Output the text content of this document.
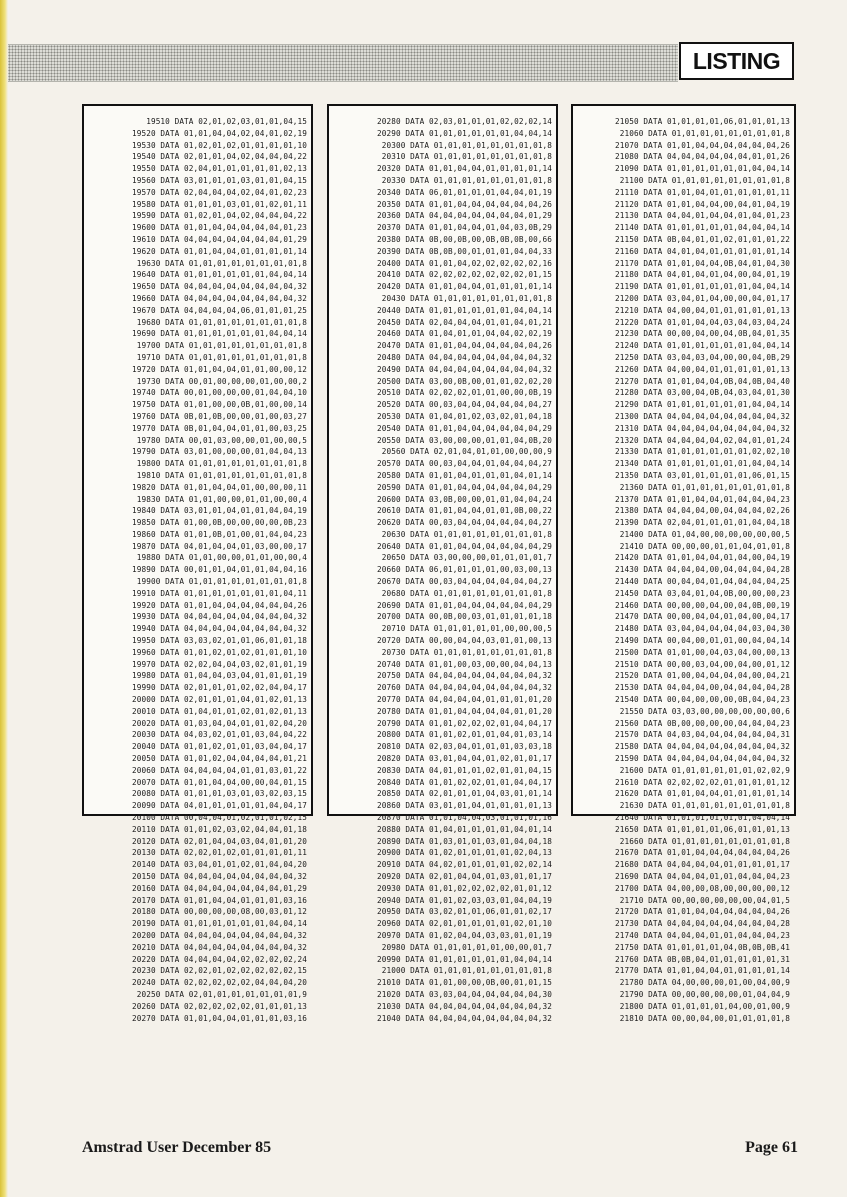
LISTING
19510 DATA 02,01,02,03,01,01,04,15
19520 DATA 01,01,04,04,02,04,01,02,19
19530 DATA 01,02,01,02,01,01,01,01,10
19540 DATA 02,01,01,04,02,04,04,04,22
19550 DATA 02,04,01,01,01,01,01,02,13
19560 DATA 03,01,01,01,03,01,01,04,15
19570 DATA 02,04,04,04,02,04,01,02,23
19580 DATA 01,01,01,03,01,01,02,01,11
19590 DATA 01,02,01,04,02,04,04,04,22
19600 DATA 01,01,04,04,04,04,04,01,23
19610 DATA 04,04,04,04,04,04,04,01,29
19620 DATA 01,01,04,04,01,01,01,01,14
19630 DATA 01,01,01,01,01,01,01,01,8
19640 DATA 01,01,01,01,01,01,04,04,14
19650 DATA 04,04,04,04,04,04,04,04,32
19660 DATA 04,04,04,04,04,04,04,04,32
19670 DATA 04,04,04,04,06,01,01,01,25
19680 DATA 01,01,01,01,01,01,01,01,8
19690 DATA 01,01,01,01,01,01,04,04,14
19700 DATA 01,01,01,01,01,01,01,01,8
19710 DATA 01,01,01,01,01,01,01,01,8
19720 DATA 01,01,04,04,01,01,00,00,12
19730 DATA 00,01,00,00,00,01,00,00,2
19740 DATA 00,01,00,00,00,01,04,04,10
19750 DATA 01,01,00,00,0B,01,00,00,14
19760 DATA 0B,01,0B,00,00,01,00,03,27
19770 DATA 0B,01,04,04,01,01,00,03,25
19780 DATA 00,01,03,00,00,01,00,00,5
19790 DATA 03,01,00,00,00,01,04,04,13
19800 DATA 01,01,01,01,01,01,01,01,8
19810 DATA 01,01,01,01,01,01,01,01,8
19820 DATA 01,01,04,04,01,00,00,00,11
19830 DATA 01,01,00,00,01,01,00,00,4
19840 DATA 03,01,01,04,01,01,04,04,19
19850 DATA 01,00,0B,00,00,00,00,0B,23
19860 DATA 01,01,0B,01,00,01,04,04,23
19870 DATA 04,01,04,04,01,03,00,00,17
19880 DATA 01,01,00,00,01,01,00,00,4
19890 DATA 00,01,01,04,01,01,04,04,16
19900 DATA 01,01,01,01,01,01,01,01,8
19910 DATA 01,01,01,01,01,01,01,04,11
19920 DATA 01,01,04,04,04,04,04,04,26
19930 DATA 04,04,04,04,04,04,04,04,32
19940 DATA 04,04,04,04,04,04,04,04,32
19950 DATA 03,03,02,01,01,06,01,01,18
19960 DATA 01,01,02,01,02,01,01,01,10
19970 DATA 02,02,04,04,03,02,01,01,19
19980 DATA 01,04,04,03,04,01,01,01,19
19990 DATA 02,01,01,01,02,02,04,04,17
20000 DATA 02,01,01,01,04,01,02,01,13
20010 DATA 01,04,01,01,02,01,02,01,13
20020 DATA 01,03,04,04,01,01,02,04,20
20030 DATA 04,03,02,01,01,03,04,04,22
20040 DATA 01,01,02,01,01,03,04,04,17
20050 DATA 01,01,02,04,04,04,04,01,21
20060 DATA 04,04,04,04,01,01,03,01,22
20070 DATA 01,01,04,04,00,00,04,01,15
20080 DATA 01,01,01,03,01,03,02,03,15
20090 DATA 04,01,01,01,01,01,04,04,17
20100 DATA 00,04,04,01,02,01,01,02,15
20110 DATA 01,01,02,03,02,04,04,01,18
20120 DATA 02,01,04,04,03,04,01,01,20
20130 DATA 02,02,01,02,01,01,01,01,11
20140 DATA 03,04,01,01,02,01,04,04,20
20150 DATA 04,04,04,04,04,04,04,04,32
20160 DATA 04,04,04,04,04,04,04,01,29
20170 DATA 01,01,04,04,01,01,01,03,16
20180 DATA 00,00,00,00,08,00,03,01,12
20190 DATA 01,01,01,01,01,01,04,04,14
20200 DATA 04,04,04,04,04,04,04,04,32
20210 DATA 04,04,04,04,04,04,04,04,32
20220 DATA 04,04,04,04,02,02,02,02,24
20230 DATA 02,02,01,02,02,02,02,02,15
20240 DATA 02,02,02,02,02,04,04,04,20
20250 DATA 02,01,01,01,01,01,01,01,9
20260 DATA 02,02,02,02,02,01,01,01,13
20270 DATA 01,01,04,04,01,01,01,03,16
20280 DATA 02,03,01,01,01,02,02,02,14
20290 DATA 01,01,01,01,01,01,04,04,14
20300 DATA 01,01,01,01,01,01,01,01,8
20310 DATA 01,01,01,01,01,01,01,01,8
20320 DATA 01,01,04,04,01,01,01,01,14
20330 DATA 01,01,01,01,01,01,01,01,8
20340 DATA 06,01,01,01,01,04,04,01,19
20350 DATA 01,01,04,04,04,04,04,04,26
20360 DATA 04,04,04,04,04,04,04,01,29
20370 DATA 01,01,04,04,01,04,03,0B,29
20380 DATA 0B,00,0B,00,0B,0B,0B,00,66
20390 DATA 0B,0B,00,01,01,01,04,04,33
20400 DATA 01,01,04,02,02,02,02,02,16
20410 DATA 02,02,02,02,02,02,02,01,15
20420 DATA 01,01,04,04,01,01,01,01,14
20430 DATA 01,01,01,01,01,01,01,01,8
20440 DATA 01,01,01,01,01,01,04,04,14
20450 DATA 02,04,04,04,01,01,04,01,21
20460 DATA 01,04,01,01,04,04,02,02,19
20470 DATA 01,01,04,04,04,04,04,04,26
20480 DATA 04,04,04,04,04,04,04,04,32
20490 DATA 04,04,04,04,04,04,04,04,32
20500 DATA 03,00,0B,00,01,01,02,02,20
20510 DATA 02,02,02,01,01,00,00,0B,19
20520 DATA 00,03,04,04,04,04,04,04,27
20530 DATA 01,04,01,02,03,02,01,04,18
20540 DATA 01,01,04,04,04,04,04,04,29
20550 DATA 03,00,00,00,01,01,04,0B,20
20560 DATA 02,01,04,01,01,00,00,00,9
20570 DATA 00,03,04,04,01,04,04,04,27
20580 DATA 01,01,04,01,01,01,04,01,14
20590 DATA 01,01,04,04,04,04,04,04,29
20600 DATA 03,0B,00,00,01,01,04,04,24
20610 DATA 01,01,04,04,01,01,0B,00,22
20620 DATA 00,03,04,04,04,04,04,04,27
20630 DATA 01,01,01,01,01,01,01,01,8
20640 DATA 01,01,04,04,04,04,04,04,29
20650 DATA 03,00,00,00,01,01,01,01,7
20660 DATA 06,01,01,01,01,00,03,00,13
20670 DATA 00,03,04,04,04,04,04,04,27
20680 DATA 01,01,01,01,01,01,01,01,8
20690 DATA 01,01,04,04,04,04,04,04,29
20700 DATA 00,0B,00,03,01,01,01,01,18
20710 DATA 01,01,01,01,01,00,00,00,5
20720 DATA 00,00,04,04,03,01,01,00,13
20730 DATA 01,01,01,01,01,01,01,01,8
20740 DATA 01,01,00,03,00,00,04,04,13
20750 DATA 04,04,04,04,04,04,04,04,32
20760 DATA 04,04,04,04,04,04,04,04,32
20770 DATA 04,04,04,04,01,01,01,01,20
20780 DATA 01,01,04,04,04,04,01,01,20
20790 DATA 01,01,02,02,02,01,04,04,17
20800 DATA 01,01,02,01,01,04,01,03,14
20810 DATA 02,03,04,01,01,01,03,03,18
20820 DATA 03,01,04,04,01,02,01,01,17
20830 DATA 04,01,01,01,02,01,01,04,15
20840 DATA 01,01,02,02,01,01,04,04,17
20850 DATA 02,01,01,01,04,03,01,01,14
20860 DATA 03,01,01,04,01,01,01,01,13
20870 DATA 01,01,04,04,03,01,01,01,16
20880 DATA 01,04,01,01,01,01,04,01,14
20890 DATA 01,03,01,01,03,01,04,04,18
20900 DATA 01,02,01,01,01,01,02,04,13
20910 DATA 04,02,01,01,01,01,02,02,14
20920 DATA 02,01,04,04,01,03,01,01,17
20930 DATA 01,01,02,02,02,02,01,01,12
20940 DATA 01,01,02,03,03,01,04,04,19
20950 DATA 03,02,01,01,06,01,01,02,17
20960 DATA 02,01,01,01,01,01,02,01,10
20970 DATA 01,02,04,04,03,03,01,01,19
20980 DATA 01,01,01,01,01,00,00,01,7
20990 DATA 01,01,01,01,01,01,04,04,14
21000 DATA 01,01,01,01,01,01,01,01,8
21010 DATA 01,01,00,00,0B,00,01,01,15
21020 DATA 03,03,04,04,04,04,04,04,30
21030 DATA 04,04,04,04,04,04,04,04,32
21040 DATA 04,04,04,04,04,04,04,04,32
21050 DATA 01,01,01,01,06,01,01,01,13
21060 DATA 01,01,01,01,01,01,01,01,8
21070 DATA 01,01,04,04,04,04,04,04,26
21080 DATA 04,04,04,04,04,04,01,01,26
21090 DATA 01,01,01,01,01,01,04,04,14
21100 DATA 01,01,01,01,01,01,01,01,8
21110 DATA 01,01,04,01,01,01,01,01,11
21120 DATA 01,01,04,04,00,04,01,04,19
21130 DATA 04,04,01,04,04,01,04,01,23
21140 DATA 01,01,01,01,01,04,04,04,14
21150 DATA 0B,04,01,01,02,01,01,01,22
21160 DATA 04,01,04,01,01,01,01,01,14
21170 DATA 01,01,04,04,0B,04,01,04,30
21180 DATA 04,01,04,01,04,00,04,01,19
21190 DATA 01,01,01,01,01,01,04,04,14
21200 DATA 03,04,01,04,00,00,04,01,17
21210 DATA 04,00,04,01,01,01,01,01,13
21220 DATA 01,01,04,04,03,04,03,04,24
21230 DATA 00,00,04,00,04,0B,04,01,35
21240 DATA 01,01,01,01,01,01,04,04,14
21250 DATA 03,04,03,04,00,00,04,0B,29
21260 DATA 04,00,04,01,01,01,01,01,13
21270 DATA 01,01,04,04,0B,04,0B,04,40
21280 DATA 03,00,04,0B,04,03,04,01,30
21290 DATA 01,01,01,01,01,01,04,04,14
21300 DATA 04,04,04,04,04,04,04,04,32
21310 DATA 04,04,04,04,04,04,04,04,32
21320 DATA 04,04,04,04,02,04,01,01,24
21330 DATA 01,01,01,01,01,01,02,02,10
21340 DATA 01,01,01,01,01,01,04,04,14
21350 DATA 03,01,01,01,01,01,06,01,15
21360 DATA 01,01,01,01,01,01,01,01,8
21370 DATA 01,01,04,04,01,04,04,04,23
21380 DATA 04,04,04,00,04,04,04,02,26
21390 DATA 02,04,01,01,01,01,04,04,18
21400 DATA 01,04,00,00,00,00,00,00,5
21410 DATA 00,00,00,01,01,04,01,01,8
21420 DATA 01,01,04,04,01,04,00,04,19
21430 DATA 04,04,04,00,04,04,04,04,28
21440 DATA 00,04,04,01,04,04,04,04,25
21450 DATA 03,04,01,04,0B,00,00,00,23
21460 DATA 00,00,00,04,00,04,0B,00,19
21470 DATA 00,00,04,04,01,04,00,04,17
21480 DATA 03,04,04,04,04,04,03,04,30
21490 DATA 00,04,00,01,01,00,04,04,14
21500 DATA 01,01,00,04,03,04,00,00,13
21510 DATA 00,00,03,04,00,04,00,01,12
21520 DATA 01,00,04,04,04,04,00,04,21
21530 DATA 04,04,04,00,04,04,04,04,28
21540 DATA 00,04,00,00,00,0B,04,04,23
21550 DATA 03,03,00,00,00,00,00,00,6
21560 DATA 0B,00,00,00,00,04,04,04,23
21570 DATA 04,03,04,04,04,04,04,04,31
21580 DATA 04,04,04,04,04,04,04,04,32
21590 DATA 04,04,04,04,04,04,04,04,32
21600 DATA 01,01,01,01,01,01,02,02,9
21610 DATA 02,02,02,02,01,01,01,01,12
21620 DATA 01,01,04,04,01,01,01,01,14
21630 DATA 01,01,01,01,01,01,01,01,8
21640 DATA 01,01,01,01,01,01,04,04,14
21650 DATA 01,01,01,01,06,01,01,01,13
21660 DATA 01,01,01,01,01,01,01,01,8
21670 DATA 01,01,04,04,04,04,04,04,26
21680 DATA 04,04,04,04,01,01,01,01,17
21690 DATA 04,04,04,01,01,04,04,04,23
21700 DATA 04,00,00,08,00,00,00,00,12
21710 DATA 00,00,00,00,00,00,04,01,5
21720 DATA 01,01,04,04,04,04,04,04,26
21730 DATA 04,04,04,04,04,04,04,04,28
21740 DATA 04,04,04,01,01,04,04,04,23
21750 DATA 01,01,01,01,04,0B,0B,0B,41
21760 DATA 0B,0B,04,01,01,01,01,01,31
21770 DATA 01,01,04,04,01,01,01,01,14
21780 DATA 04,00,00,00,01,00,04,00,9
21790 DATA 00,00,00,00,00,01,04,04,9
21800 DATA 01,01,01,01,04,00,01,00,9
21810 DATA 00,00,04,00,01,01,01,01,8
Amstrad User December 85	Page 61
